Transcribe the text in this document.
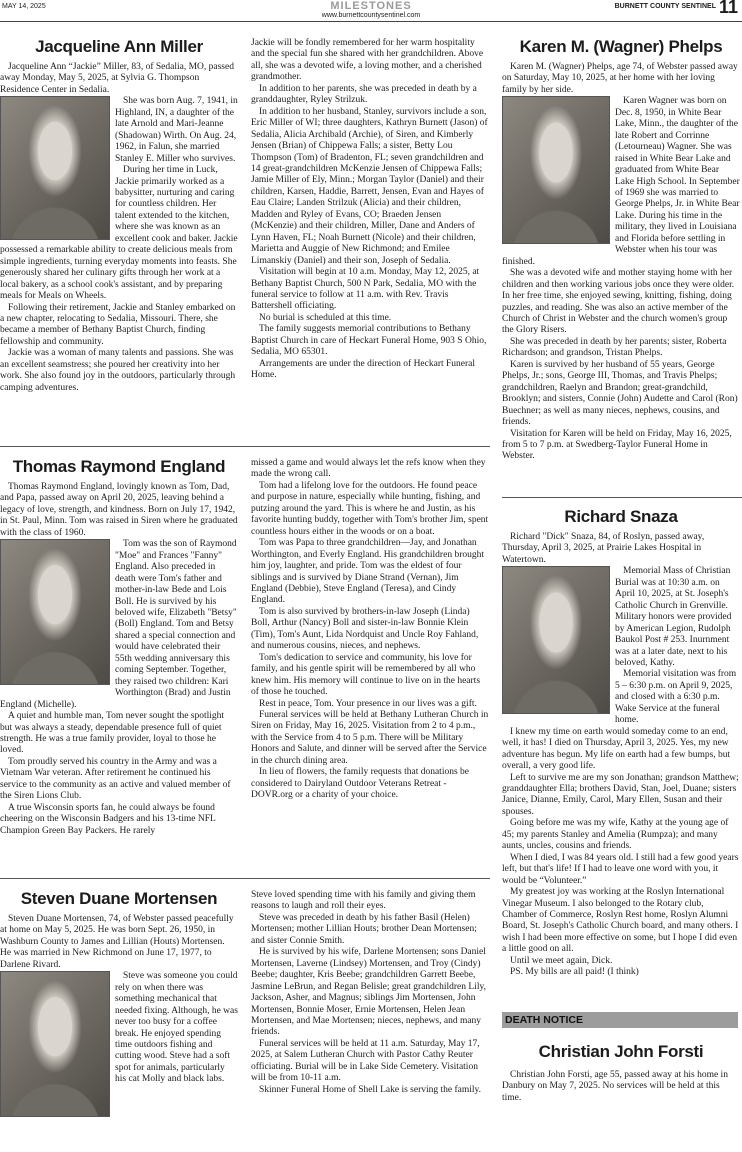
MAY 14, 2025	MILESTONES
www.burnettcountysentinel.com
BURNETT COUNTY SENTINEL 11
Jacqueline Ann Miller

Jacqueline Ann “Jackie” Miller, 83, of Sedalia, MO, passed away Monday, May 5, 2025, at Sylvia G. Thompson Residence Center in Sedalia.

She was born Aug. 7, 1941, in Highland, IN, a daughter of the late Arnold and Mari-Jeanne (Shadowan) Wirth. On Aug. 24, 1962, in Falun, she married Stanley E. Miller who survives.

During her time in Luck, Jackie primarily worked as a babysitter, nurturing and caring for countless children. Her talent extended to the kitchen, where she was known as an excellent cook and baker. Jackie possessed a remarkable ability to create delicious meals from simple ingredients, turning everyday moments into feasts. She generously shared her culinary gifts through her work at a local bakery, as a school cook's assistant, and by preparing meals for Meals on Wheels.

Following their retirement, Jackie and Stanley embarked on a new chapter, relocating to Sedalia, Missouri. There, she became a member of Bethany Baptist Church, finding fellowship and community.

Jackie was a woman of many talents and passions. She was an excellent seamstress; she poured her creativity into her work. She also found joy in the outdoors, particularly through camping adventures.

Jackie will be fondly remembered for her warm hospitality and the special fun she shared with her grandchildren. Above all, she was a devoted wife, a loving mother, and a cherished grandmother.

In addition to her parents, she was preceded in death by a granddaughter, Ryley Strilzuk.

In addition to her husband, Stanley, survivors include a son, Eric Miller of WI; three daughters, Kathryn Burnett (Jason) of Sedalia, Alicia Archibald (Archie), of Siren, and Kimberly Jensen (Brian) of Chippewa Falls; a sister, Betty Lou Thompson (Tom) of Bradenton, FL; seven grandchildren and 14 great-grandchildren McKenzie Jensen of Chippewa Falls; Jamie Miller of Ely, Minn.; Morgan Taylor (Daniel) and their children, Karsen, Haddie, Barrett, Jensen, Evan and Hayes of Eau Claire; Landen Strilzuk (Alicia) and their children, Madden and Ryley of Evans, CO; Braeden Jensen (McKenzie) and their children, Miller, Dane and Anders of Lynn Haven, FL; Noah Burnett (Nicole) and their children, Marietta and Auggie of New Richmond; and Emilee Limanskiy (Daniel) and their son, Joseph of Sedalia.

Visitation will begin at 10 a.m. Monday, May 12, 2025, at Bethany Baptist Church, 500 N Park, Sedalia, MO with the funeral service to follow at 11 a.m. with Rev. Travis Battershell officiating.

No burial is scheduled at this time.

The family suggests memorial contributions to Bethany Baptist Church in care of Heckart Funeral Home, 903 S Ohio, Sedalia, MO 65301.

Arrangements are under the direction of Heckart Funeral Home.

Thomas Raymond England

Thomas Raymond England, lovingly known as Tom, Dad, and Papa, passed away on April 20, 2025, leaving behind a legacy of love, strength, and kindness. Born on July 17, 1942, in St. Paul, Minn. Tom was raised in Siren where he graduated with the class of 1960.

Tom was the son of Raymond "Moe" and Frances "Fanny" England. Also preceded in death were Tom's father and mother-in-law Bede and Lois Boll. He is survived by his beloved wife, Elizabeth "Betsy" (Boll) England. Tom and Betsy shared a special connection and would have celebrated their 55th wedding anniversary this coming September. Together, they raised two children: Kari Worthington (Brad) and Justin England (Michelle).

A quiet and humble man, Tom never sought the spotlight but was always a steady, dependable presence full of quiet strength. He was a true family provider, loyal to those he loved.

Tom proudly served his country in the Army and was a Vietnam War veteran. After retirement he continued his service to the community as an active and valued member of the Siren Lions Club.

A true Wisconsin sports fan, he could always be found cheering on the Wisconsin Badgers and his 13-time NFL Champion Green Bay Packers. He rarely

missed a game and would always let the refs know when they made the wrong call.

Tom had a lifelong love for the outdoors. He found peace and purpose in nature, especially while hunting, fishing, and putzing around the yard. This is where he and Justin, as his favorite hunting buddy, together with Tom's brother Jim, spent countless hours either in the woods or on a boat.

Tom was Papa to three grandchildren—Jay, and Jonathan Worthington, and Everly England. His grandchildren brought him joy, laughter, and pride. Tom was the eldest of four siblings and is survived by Diane Strand (Vernan), Jim England (Debbie), Steve England (Teresa), and Cindy England.

Tom is also survived by brothers-in-law Joseph (Linda) Boll, Arthur (Nancy) Boll and sister-in-law Bonnie Klein (Tim), Tom's Aunt, Lida Nordquist and Uncle Roy Fahland, and numerous cousins, nieces, and nephews.

Tom's dedication to service and community, his love for family, and his gentle spirit will be remembered by all who knew him. His memory will continue to live on in the hearts of those he touched.

Rest in peace, Tom. Your presence in our lives was a gift.

Funeral services will be held at Bethany Lutheran Church in Siren on Friday, May 16, 2025. Visitation from 2 to 4 p.m., with the Service from 4 to 5 p.m. There will be Military Honors and Salute, and dinner will be served after the Service in the church dining area.

In lieu of flowers, the family requests that donations be considered to Dairyland Outdoor Veterans Retreat - DOVR.org or a charity of your choice.

Steven Duane Mortensen

Steven Duane Mortensen, 74, of Webster passed peacefully at home on May 5, 2025. He was born Sept. 26, 1950, in Washburn County to James and Lillian (Houts) Mortensen. He was married in New Richmond on June 17, 1977, to Darlene Rivard.

Steve was someone you could rely on when there was something mechanical that needed fixing. Although, he was never too busy for a coffee break. He enjoyed spending time outdoors fishing and cutting wood. Steve had a soft spot for animals, particularly his cat Molly and black labs.

Steve loved spending time with his family and giving them reasons to laugh and roll their eyes.

Steve was preceded in death by his father Basil (Helen) Mortensen; mother Lillian Houts; brother Dean Mortensen; and sister Connie Smith.

He is survived by his wife, Darlene Mortensen; sons Daniel Mortensen, Laverne (Lindsey) Mortensen, and Troy (Cindy) Beebe; daughter, Kris Beebe; grandchildren Garrett Beebe, Jasmine LeBrun, and Regan Belisle; great grandchildren Lily, Jackson, Asher, and Magnus; siblings Jim Mortensen, John Mortensen, Bonnie Moser, Ernie Mortensen, Helen Jean Mortensen, and Mae Mortensen; nieces, nephews, and many friends.

Funeral services will be held at 11 a.m. Saturday, May 17, 2025, at Salem Lutheran Church with Pastor Cathy Reuter officiating. Burial will be in Lake Side Cemetery. Visitation will be from 10-11 a.m.

Skinner Funeral Home of Shell Lake is serving the family.

Karen M. (Wagner) Phelps

Karen M. (Wagner) Phelps, age 74, of Webster passed away on Saturday, May 10, 2025, at her home with her loving family by her side.

Karen Wagner was born on Dec. 8, 1950, in White Bear Lake, Minn., the daughter of the late Robert and Corrinne (Letourneau) Wagner. She was raised in White Bear Lake and graduated from White Bear Lake High School. In September of 1969 she was married to George Phelps, Jr. in White Bear Lake. During his time in the military, they lived in Louisiana and Florida before settling in Webster when his tour was finished.

She was a devoted wife and mother staying home with her children and then working various jobs once they were older. In her free time, she enjoyed sewing, knitting, fishing, doing puzzles, and reading. She was also an active member of the Church of Christ in Webster and the church women's group the Glory Risers.

She was preceded in death by her parents; sister, Roberta Richardson; and grandson, Tristan Phelps.

Karen is survived by her husband of 55 years, George Phelps, Jr.; sons, George III, Thomas, and Travis Phelps; grandchildren, Raelyn and Brandon; great-grandchild, Brooklyn; and sisters, Connie (John) Audette and Carol (Ron) Buechner; as well as many nieces, nephews, cousins, and friends.

Visitation for Karen will be held on Friday, May 16, 2025, from 5 to 7 p.m. at Swedberg-Taylor Funeral Home in Webster.

Richard Snaza

Richard "Dick" Snaza, 84, of Roslyn, passed away, Thursday, April 3, 2025, at Prairie Lakes Hospital in Watertown.

Memorial Mass of Christian Burial was at 10:30 a.m. on April 10, 2025, at St. Joseph's Catholic Church in Grenville. Military honors were provided by American Legion, Rudolph Baukol Post # 253. Inurnment was at a later date, next to his beloved, Kathy.

Memorial visitation was from 5 – 6:30 p.m. on April 9, 2025, and closed with a 6:30 p.m. Wake Service at the funeral home.

I knew my time on earth would someday come to an end, well, it has! I died on Thursday, April 3, 2025. Yes, my new adventure has begun. My life on earth had a few bumps, but overall, a very good life.

Left to survive me are my son Jonathan; grandson Matthew; granddaughter Ella; brothers David, Stan, Joel, Duane; sisters Janice, Dianne, Emily, Carol, Mary Ellen, Susan and their spouses.

Going before me was my wife, Kathy at the young age of 45; my parents Stanley and Amelia (Rumpza); and many aunts, uncles, cousins and friends.

When I died, I was 84 years old. I still had a few good years left, but that's life! If I had to leave one word with you, it would be “Volunteer.”

My greatest joy was working at the Roslyn International Vinegar Museum. I also belonged to the Rotary club, Chamber of Commerce, Roslyn Rest home, Roslyn Alumni Board, St. Joseph's Catholic Church board, and many others. I wish I had been more effective on some, but I hope I did even a little good on all.

Until we meet again, Dick.

PS. My bills are all paid! (I think)

DEATH NOTICE
Christian John Forsti

Christian John Forsti, age 55, passed away at his home in Danbury on May 7, 2025. No services will be held at this time.
